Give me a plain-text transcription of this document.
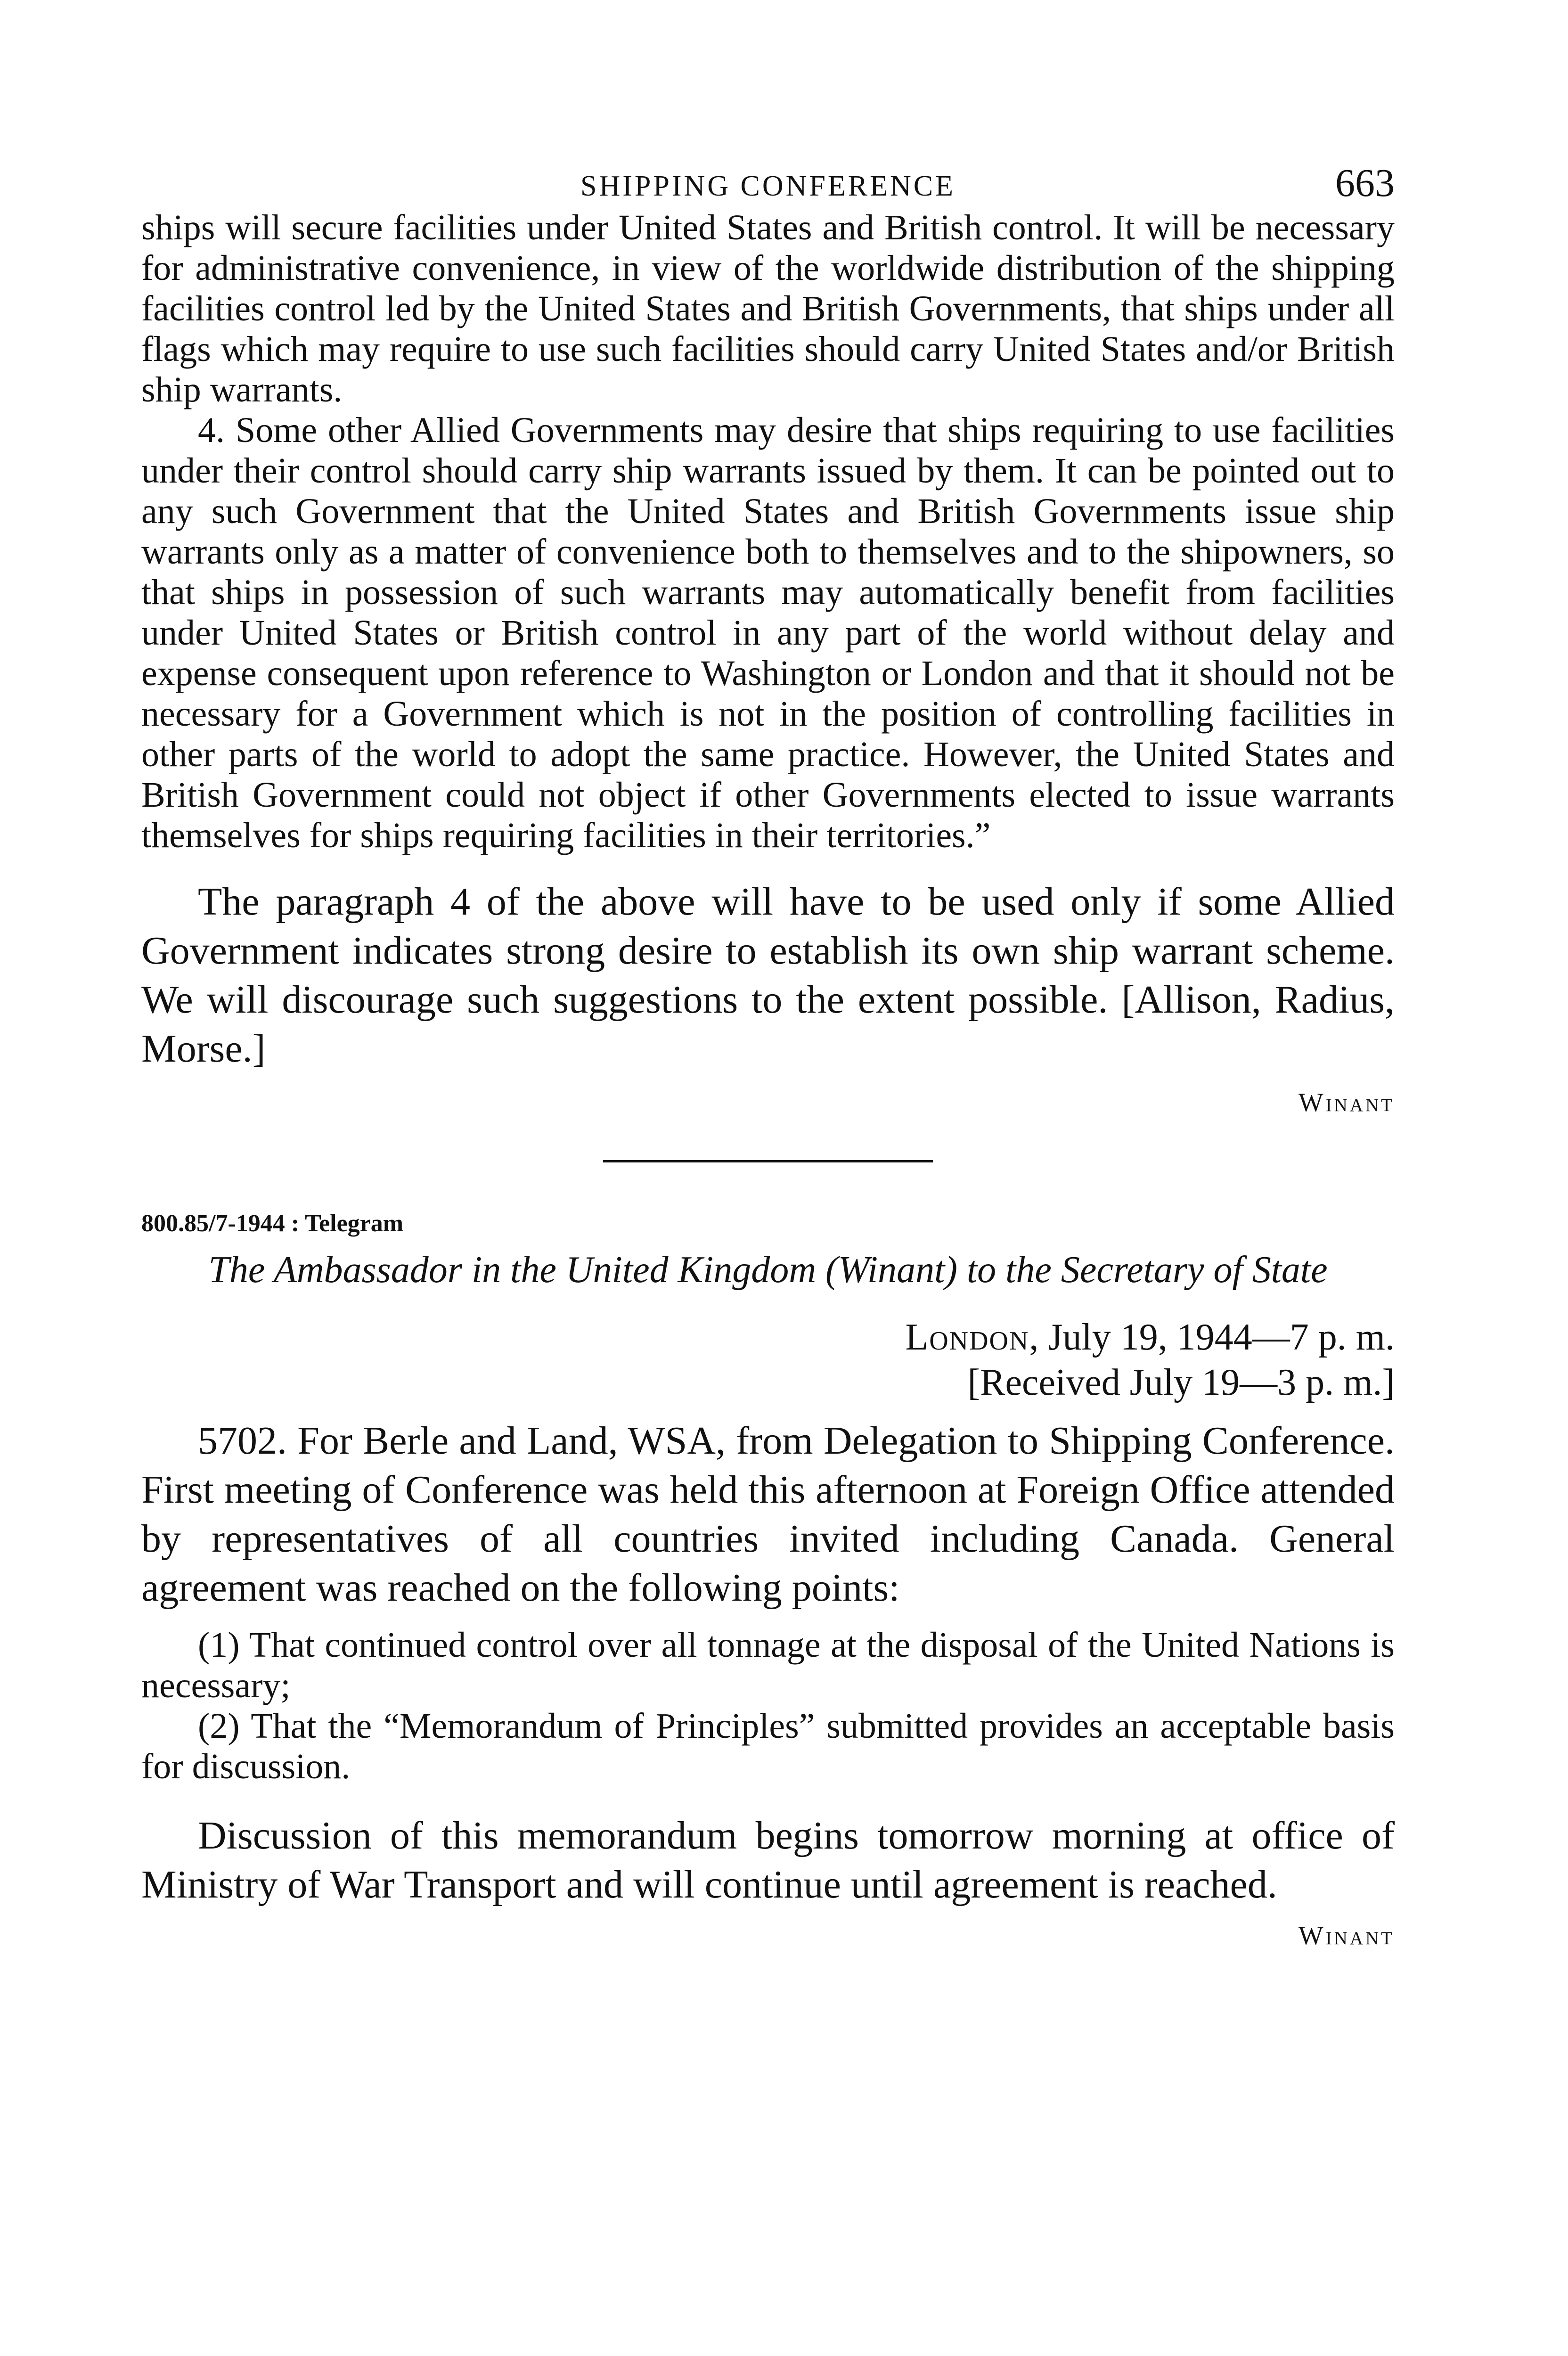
SHIPPING CONFERENCE	663

ships will secure facilities under United States and British control. It will be necessary for administrative convenience, in view of the worldwide distribution of the shipping facilities control led by the United States and British Governments, that ships under all flags which may require to use such facilities should carry United States and/or British ship warrants.

4. Some other Allied Governments may desire that ships requiring to use facilities under their control should carry ship warrants issued by them. It can be pointed out to any such Government that the United States and British Governments issue ship warrants only as a matter of convenience both to themselves and to the shipowners, so that ships in possession of such warrants may automatically benefit from facilities under United States or British control in any part of the world without delay and expense consequent upon reference to Washington or London and that it should not be necessary for a Government which is not in the position of controlling facilities in other parts of the world to adopt the same practice. However, the United States and British Government could not object if other Governments elected to issue warrants themselves for ships requiring facilities in their territories.”

The paragraph 4 of the above will have to be used only if some Allied Government indicates strong desire to establish its own ship warrant scheme. We will discourage such suggestions to the extent possible. [Allison, Radius, Morse.]

Winant

800.85/7-1944 : Telegram

The Ambassador in the United Kingdom (Winant) to the Secretary of State

London, July 19, 1944—7 p. m.
[Received July 19—3 p. m.]

5702. For Berle and Land, WSA, from Delegation to Shipping Conference. First meeting of Conference was held this afternoon at Foreign Office attended by representatives of all countries invited including Canada. General agreement was reached on the following points:

(1) That continued control over all tonnage at the disposal of the United Nations is necessary;

(2) That the “Memorandum of Principles” submitted provides an acceptable basis for discussion.

Discussion of this memorandum begins tomorrow morning at office of Ministry of War Transport and will continue until agreement is reached.

Winant
